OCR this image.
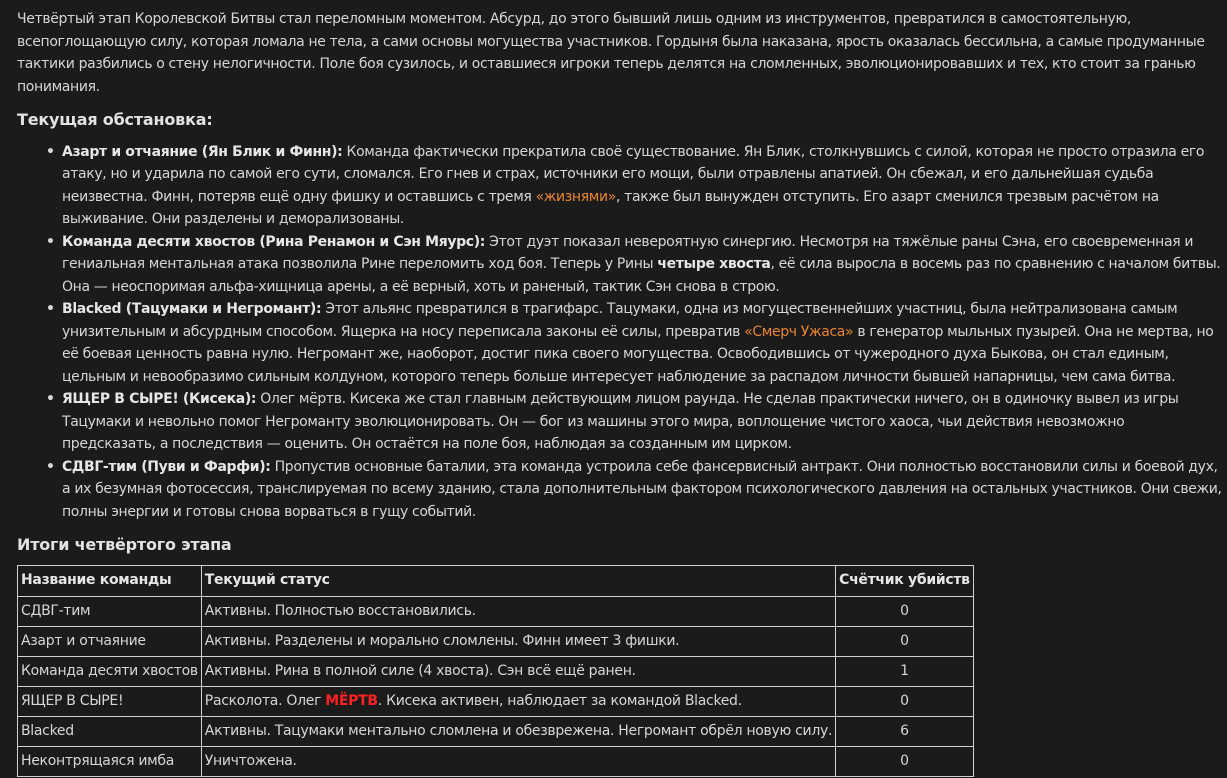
Четвёртый этап Королевской Битвы стал переломным моментом. Абсурд, до этого бывший лишь одним из инструментов, превратился в самостоятельную, всепоглощающую силу, которая ломала не тела, а сами основы могущества участников. Гордыня была наказана, ярость оказалась бессильна, а самые продуманные тактики разбились о стену нелогичности. Поле боя сузилось, и оставшиеся игроки теперь делятся на сломленных, эволюционировавших и тех, кто стоит за гранью понимания.

Текущая обстановка:
• Азарт и отчаяние (Ян Блик и Финн): Команда фактически прекратила своё существование. Ян Блик, столкнувшись с силой, которая не просто отразила его атаку, но и ударила по самой его сути, сломался. Его гнев и страх, источники его мощи, были отравлены апатией. Он сбежал, и его дальнейшая судьба неизвестна. Финн, потеряв ещё одну фишку и оставшись с тремя «жизнями», также был вынужден отступить. Его азарт сменился трезвым расчётом на выживание. Они разделены и деморализованы.
• Команда десяти хвостов (Рина Ренамон и Сэн Мяурс): Этот дуэт показал невероятную синергию. Несмотря на тяжёлые раны Сэна, его своевременная и гениальная ментальная атака позволила Рине переломить ход боя. Теперь у Рины четыре хвоста, её сила выросла в восемь раз по сравнению с началом битвы. Она — неоспоримая альфа-хищница арены, а её верный, хоть и раненый, тактик Сэн снова в строю.
• Blacked (Тацумаки и Негромант): Этот альянс превратился в трагифарс. Тацумаки, одна из могущественнейших участниц, была нейтрализована самым унизительным и абсурдным способом. Ящерка на носу переписала законы её силы, превратив «Смерч Ужаса» в генератор мыльных пузырей. Она не мертва, но её боевая ценность равна нулю. Негромант же, наоборот, достиг пика своего могущества. Освободившись от чужеродного духа Быкова, он стал единым, цельным и невообразимо сильным колдуном, которого теперь больше интересует наблюдение за распадом личности бывшей напарницы, чем сама битва.
• ЯЩЕР В СЫРЕ! (Кисека): Олег мёртв. Кисека же стал главным действующим лицом раунда. Не сделав практически ничего, он в одиночку вывел из игры Тацумаки и невольно помог Негроманту эволюционировать. Он — бог из машины этого мира, воплощение чистого хаоса, чьи действия невозможно предсказать, а последствия — оценить. Он остаётся на поле боя, наблюдая за созданным им цирком.
• СДВГ-тим (Пуви и Фарфи): Пропустив основные баталии, эта команда устроила себе фансервисный антракт. Они полностью восстановили силы и боевой дух, а их безумная фотосессия, транслируемая по всему зданию, стала дополнительным фактором психологического давления на остальных участников. Они свежи, полны энергии и готовы снова ворваться в гущу событий.
Итоги четвёртого этапа
Название команды	Текущий статус	Счётчик убийств
СДВГ-тим	Активны. Полностью восстановились.	0
Азарт и отчаяние	Активны. Разделены и морально сломлены. Финн имеет 3 фишки.	0
Команда десяти хвостов	Активны. Рина в полной силе (4 хвоста). Сэн всё ещё ранен.	1
ЯЩЕР В СЫРЕ!	Расколота. Олег МЁРТВ. Кисека активен, наблюдает за командой Blacked.	0
Blacked	Активны. Тацумаки ментально сломлена и обезврежена. Негромант обрёл новую силу.	6
Неконтрящаяся имба	Уничтожена.	0
